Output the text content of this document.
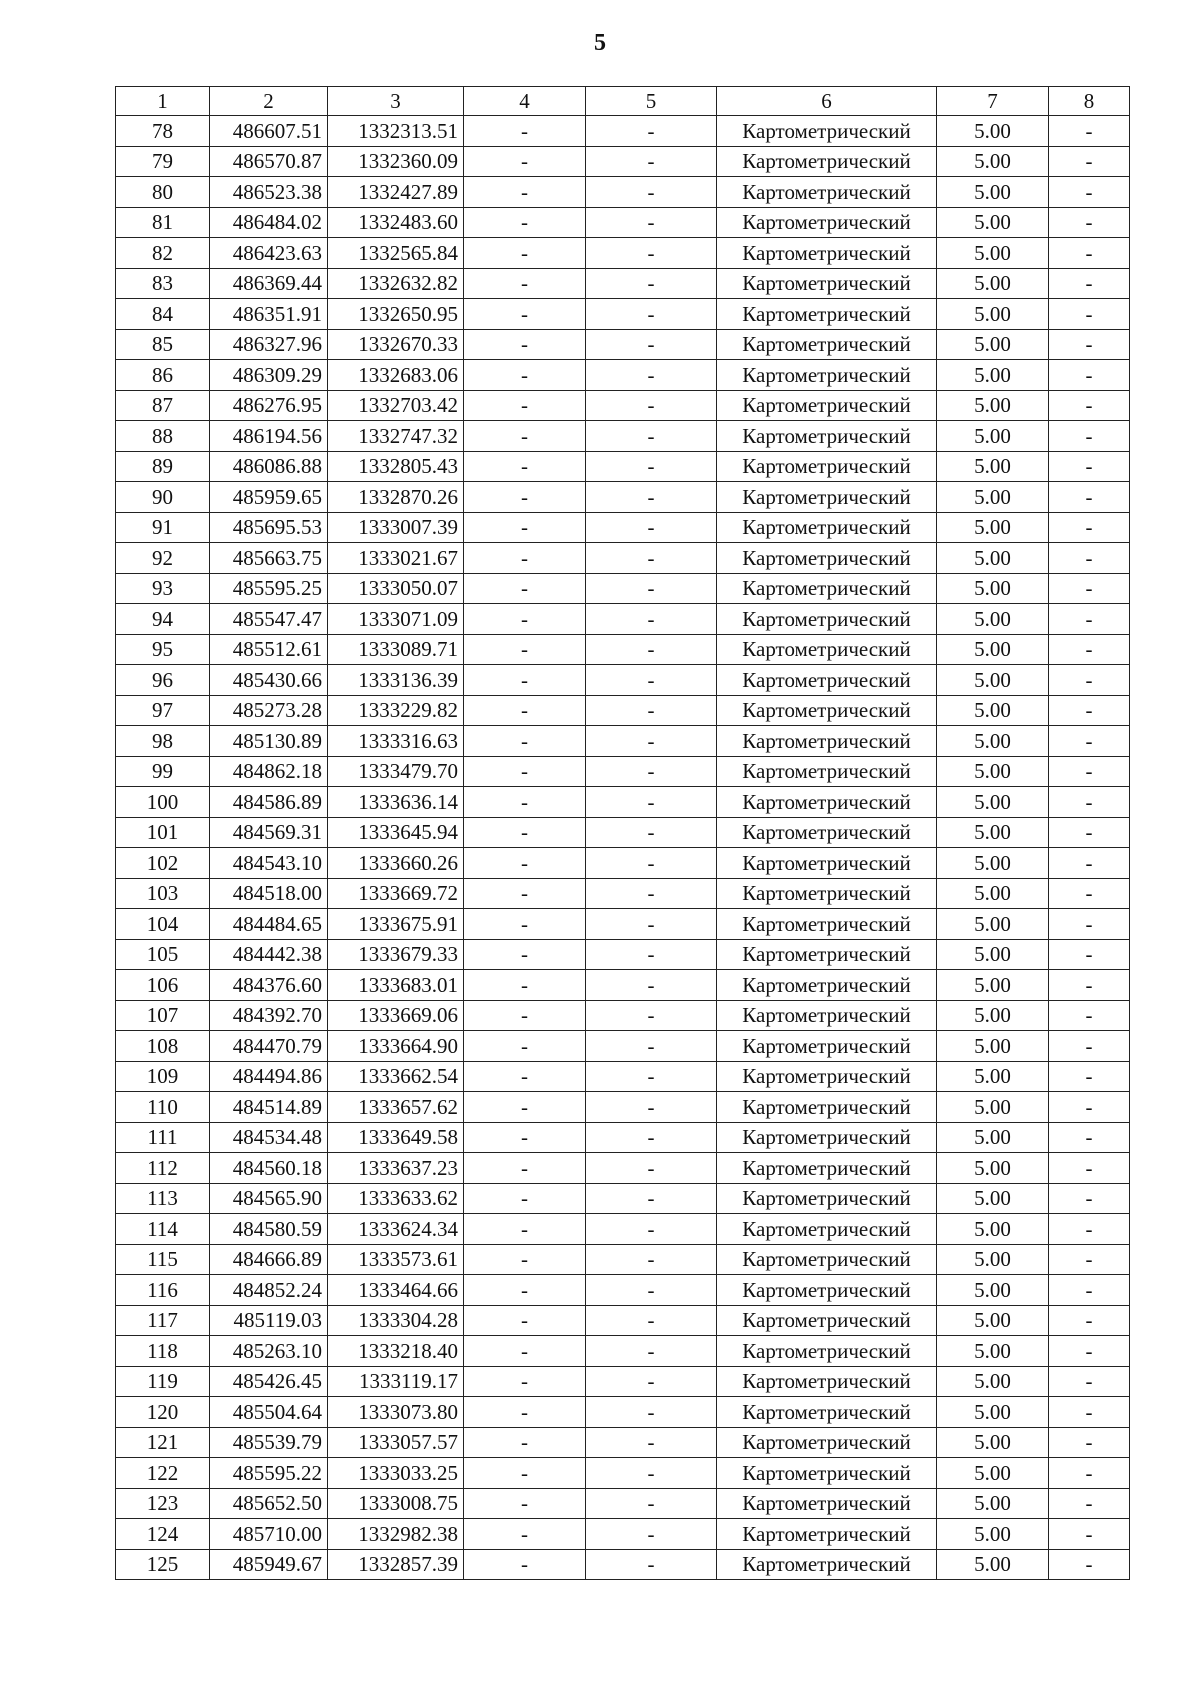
5
1	2	3	4	5	6	7	8
78	486607.51	1332313.51	-	-	Картометрический	5.00	-
79	486570.87	1332360.09	-	-	Картометрический	5.00	-
80	486523.38	1332427.89	-	-	Картометрический	5.00	-
81	486484.02	1332483.60	-	-	Картометрический	5.00	-
82	486423.63	1332565.84	-	-	Картометрический	5.00	-
83	486369.44	1332632.82	-	-	Картометрический	5.00	-
84	486351.91	1332650.95	-	-	Картометрический	5.00	-
85	486327.96	1332670.33	-	-	Картометрический	5.00	-
86	486309.29	1332683.06	-	-	Картометрический	5.00	-
87	486276.95	1332703.42	-	-	Картометрический	5.00	-
88	486194.56	1332747.32	-	-	Картометрический	5.00	-
89	486086.88	1332805.43	-	-	Картометрический	5.00	-
90	485959.65	1332870.26	-	-	Картометрический	5.00	-
91	485695.53	1333007.39	-	-	Картометрический	5.00	-
92	485663.75	1333021.67	-	-	Картометрический	5.00	-
93	485595.25	1333050.07	-	-	Картометрический	5.00	-
94	485547.47	1333071.09	-	-	Картометрический	5.00	-
95	485512.61	1333089.71	-	-	Картометрический	5.00	-
96	485430.66	1333136.39	-	-	Картометрический	5.00	-
97	485273.28	1333229.82	-	-	Картометрический	5.00	-
98	485130.89	1333316.63	-	-	Картометрический	5.00	-
99	484862.18	1333479.70	-	-	Картометрический	5.00	-
100	484586.89	1333636.14	-	-	Картометрический	5.00	-
101	484569.31	1333645.94	-	-	Картометрический	5.00	-
102	484543.10	1333660.26	-	-	Картометрический	5.00	-
103	484518.00	1333669.72	-	-	Картометрический	5.00	-
104	484484.65	1333675.91	-	-	Картометрический	5.00	-
105	484442.38	1333679.33	-	-	Картометрический	5.00	-
106	484376.60	1333683.01	-	-	Картометрический	5.00	-
107	484392.70	1333669.06	-	-	Картометрический	5.00	-
108	484470.79	1333664.90	-	-	Картометрический	5.00	-
109	484494.86	1333662.54	-	-	Картометрический	5.00	-
110	484514.89	1333657.62	-	-	Картометрический	5.00	-
111	484534.48	1333649.58	-	-	Картометрический	5.00	-
112	484560.18	1333637.23	-	-	Картометрический	5.00	-
113	484565.90	1333633.62	-	-	Картометрический	5.00	-
114	484580.59	1333624.34	-	-	Картометрический	5.00	-
115	484666.89	1333573.61	-	-	Картометрический	5.00	-
116	484852.24	1333464.66	-	-	Картометрический	5.00	-
117	485119.03	1333304.28	-	-	Картометрический	5.00	-
118	485263.10	1333218.40	-	-	Картометрический	5.00	-
119	485426.45	1333119.17	-	-	Картометрический	5.00	-
120	485504.64	1333073.80	-	-	Картометрический	5.00	-
121	485539.79	1333057.57	-	-	Картометрический	5.00	-
122	485595.22	1333033.25	-	-	Картометрический	5.00	-
123	485652.50	1333008.75	-	-	Картометрический	5.00	-
124	485710.00	1332982.38	-	-	Картометрический	5.00	-
125	485949.67	1332857.39	-	-	Картометрический	5.00	-
